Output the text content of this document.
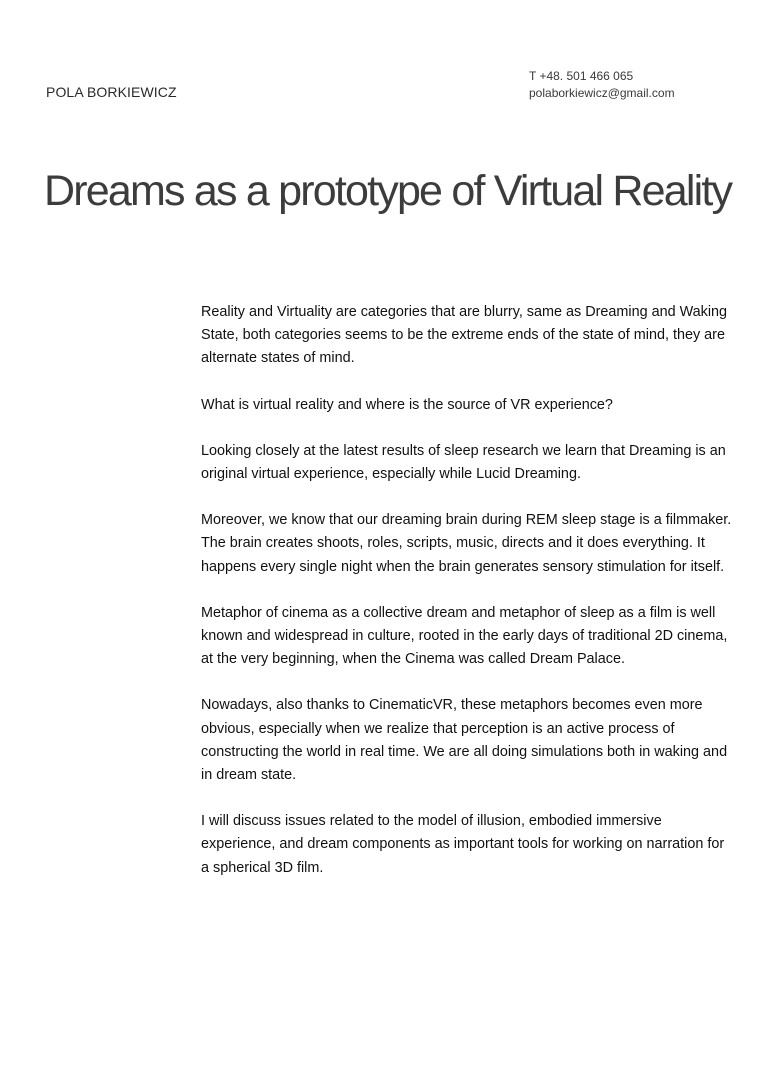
POLA BORKIEWICZ
T +48. 501 466 065
polaborkiewicz@gmail.com
Dreams as a prototype of Virtual Reality

Reality and Virtuality are categories that are blurry, same as Dreaming and Waking State, both categories seems to be the extreme ends of the state of mind, they are alternate states of mind.

What is virtual reality and where is the source of VR experience?

Looking closely at the latest results of sleep research we learn that Dreaming is an original virtual experience, especially while Lucid Dreaming.

Moreover, we know that our dreaming brain during REM sleep stage is a filmmaker. The brain creates shoots, roles, scripts, music, directs and it does everything. It happens every single night when the brain generates sensory stimulation for itself.

Metaphor of cinema as a collective dream and metaphor of sleep as a film is well known and widespread in culture, rooted in the early days of traditional 2D cinema, at the very beginning, when the Cinema was called Dream Palace.

Nowadays, also thanks to CinematicVR, these metaphors becomes even more obvious, especially when we realize that perception is an active process of constructing the world in real time. We are all doing simulations both in waking and in dream state.

I will discuss issues related to the model of illusion, embodied immersive experience, and dream components as important tools for working on narration for a spherical 3D film.
